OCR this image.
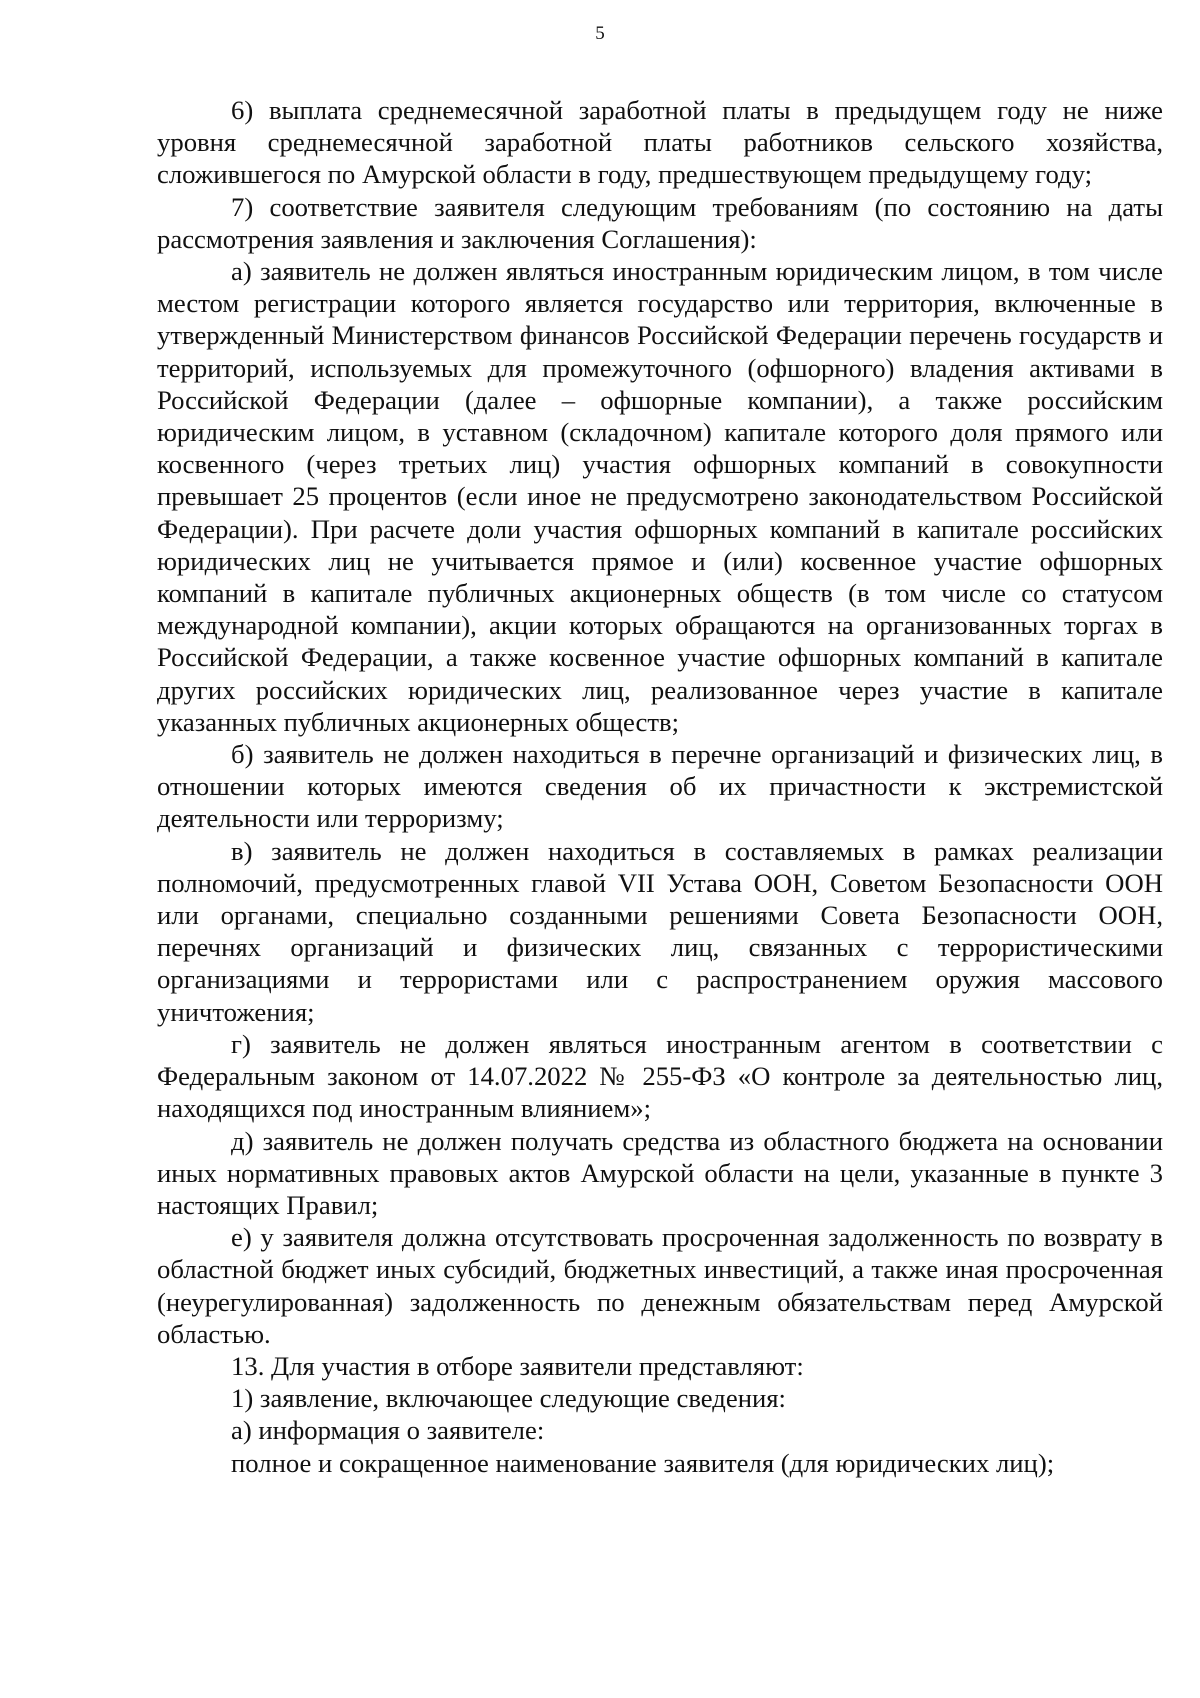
5

6) выплата среднемесячной заработной платы в предыдущем году не ниже уровня среднемесячной заработной платы работников сельского хозяйства, сложившегося по Амурской области в году, предшествующем предыдущему году;

7) соответствие заявителя следующим требованиям (по состоянию на даты рассмотрения заявления и заключения Соглашения):

а) заявитель не должен являться иностранным юридическим лицом, в том числе местом регистрации которого является государство или территория, включенные в утвержденный Министерством финансов Российской Федерации перечень государств и территорий, используемых для промежуточного (офшорного) владения активами в Российской Федерации (далее – офшорные компании), а также российским юридическим лицом, в уставном (складочном) капитале которого доля прямого или косвенного (через третьих лиц) участия офшорных компаний в совокупности превышает 25 процентов (если иное не предусмотрено законодательством Российской Федерации). При расчете доли участия офшорных компаний в капитале российских юридических лиц не учитывается прямое и (или) косвенное участие офшорных компаний в капитале публичных акционерных обществ (в том числе со статусом международной компании), акции которых обращаются на организованных торгах в Российской Федерации, а также косвенное участие офшорных компаний в капитале других российских юридических лиц, реализованное через участие в капитале указанных публичных акционерных обществ;

б) заявитель не должен находиться в перечне организаций и физических лиц, в отношении которых имеются сведения об их причастности к экстремистской деятельности или терроризму;

в) заявитель не должен находиться в составляемых в рамках реализации полномочий, предусмотренных главой VII Устава ООН, Советом Безопасности ООН или органами, специально созданными решениями Совета Безопасности ООН, перечнях организаций и физических лиц, связанных с террористическими организациями и террористами или с распространением оружия массового уничтожения;

г) заявитель не должен являться иностранным агентом в соответствии с Федеральным законом от 14.07.2022 № 255-ФЗ «О контроле за деятельностью лиц, находящихся под иностранным влиянием»;

д) заявитель не должен получать средства из областного бюджета на основании иных нормативных правовых актов Амурской области на цели, указанные в пункте 3 настоящих Правил;

е) у заявителя должна отсутствовать просроченная задолженность по возврату в областной бюджет иных субсидий, бюджетных инвестиций, а также иная просроченная (неурегулированная) задолженность по денежным обязательствам перед Амурской областью.

13. Для участия в отборе заявители представляют:

1) заявление, включающее следующие сведения:

а) информация о заявителе:

полное и сокращенное наименование заявителя (для юридических лиц);
